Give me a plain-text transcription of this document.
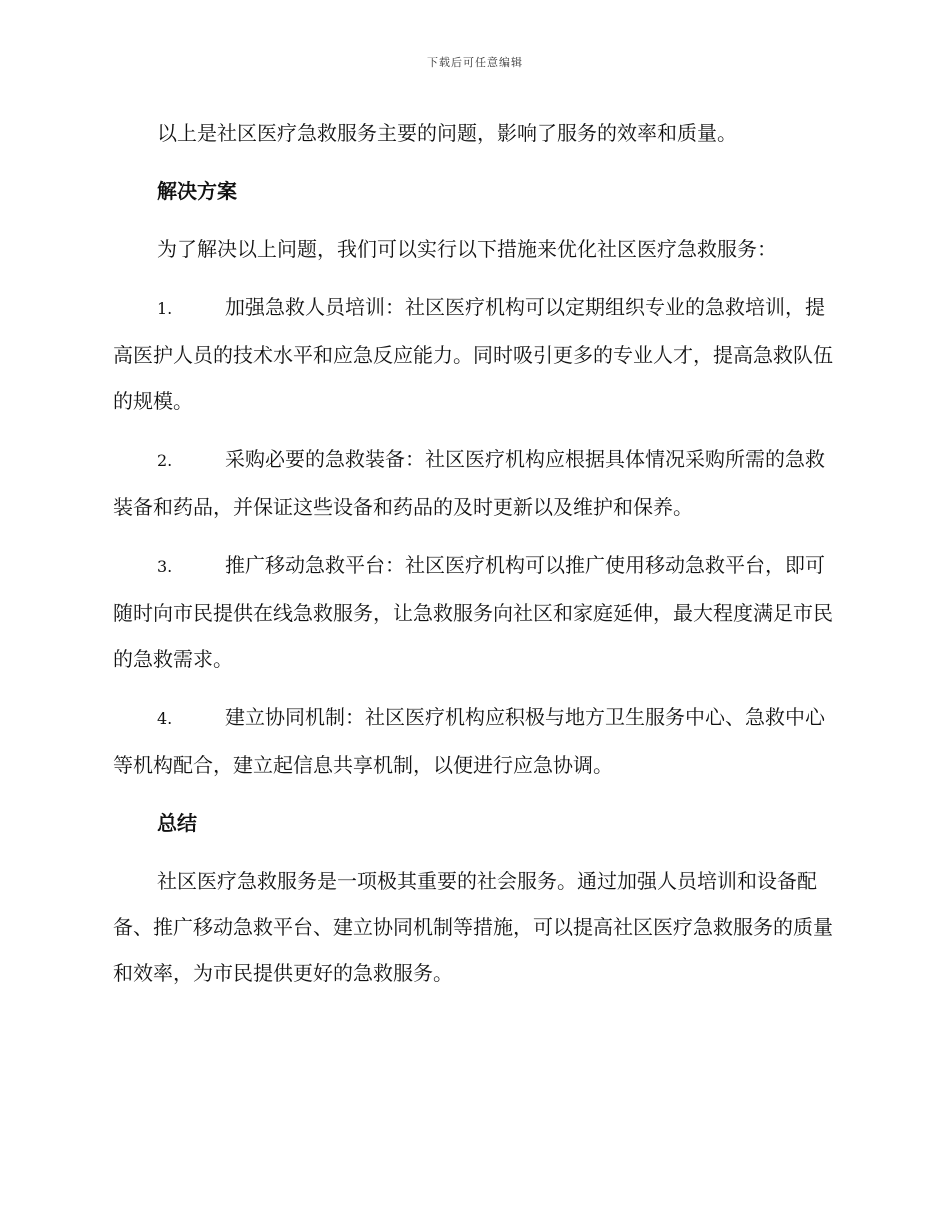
下载后可任意编辑

以上是社区医疗急救服务主要的问题，影响了服务的效率和质量。

解决方案

为了解决以上问题，我们可以实行以下措施来优化社区医疗急救服务：

1.	加强急救人员培训：社区医疗机构可以定期组织专业的急救培训，提高医护人员的技术水平和应急反应能力。同时吸引更多的专业人才，提高急救队伍的规模。

2.	采购必要的急救装备：社区医疗机构应根据具体情况采购所需的急救装备和药品，并保证这些设备和药品的及时更新以及维护和保养。

3.	推广移动急救平台：社区医疗机构可以推广使用移动急救平台，即可随时向市民提供在线急救服务，让急救服务向社区和家庭延伸，最大程度满足市民的急救需求。

4.	建立协同机制：社区医疗机构应积极与地方卫生服务中心、急救中心等机构配合，建立起信息共享机制，以便进行应急协调。

总结

社区医疗急救服务是一项极其重要的社会服务。通过加强人员培训和设备配备、推广移动急救平台、建立协同机制等措施，可以提高社区医疗急救服务的质量和效率，为市民提供更好的急救服务。
